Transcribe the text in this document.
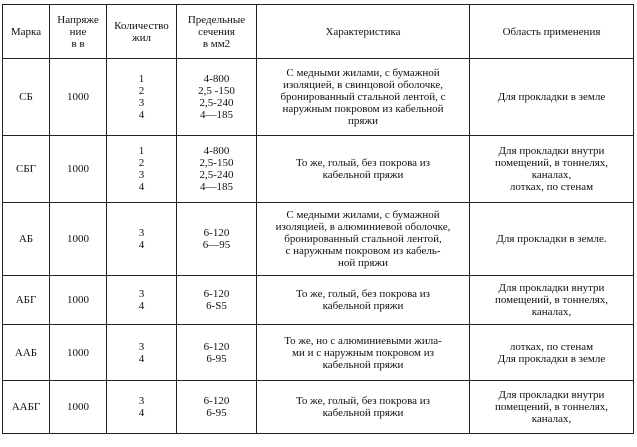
Марка	Напряже
ние
в в	Количество
жил	Предельные
сечения
в мм2	Характеристика	Область применения
СБ	1000	1
2
3
4	4-800
2,5 -150
2,5-240
4—185	С медными жилами, с бумажной
изоляцией, в свинцовой оболочке,
бронированный стальной лентой, с
наружным покровом из кабельной
пряжи	Для прокладки в земле
СБГ	1000	1
2
3
4	4-800
2,5-150
2,5-240
4—185	То же, голый, без покрова из
кабельной пряжи	Для прокладки внутри
помещений, в тоннелях,
каналах,
лотках, по стенам
АБ	1000	3
4	6-120
6—95	С медными жилами, с бумажной
изоляцией, в алюминиевой оболочке,
бронированный стальной лентой,
с наружным покровом из кабель-
ной пряжи	Для прокладки в земле.
АБГ	1000	3
4	6-120
6-S5	То же, голый, без покрова из
кабельной пряжи	Для прокладки внутри
помещений, в тоннелях,
каналах,
ААБ	1000	3
4	6-120
6-95	То же, но с алюминиевыми жила-
ми и с наружным покровом из
кабельной пряжи	лотках, по стенам
Для прокладки в земле
ААБГ	1000	3
4	6-120
6-95	То же, голый, без покрова из
кабельной пряжи	Для прокладки внутри
помещений, в тоннелях,
каналах,
